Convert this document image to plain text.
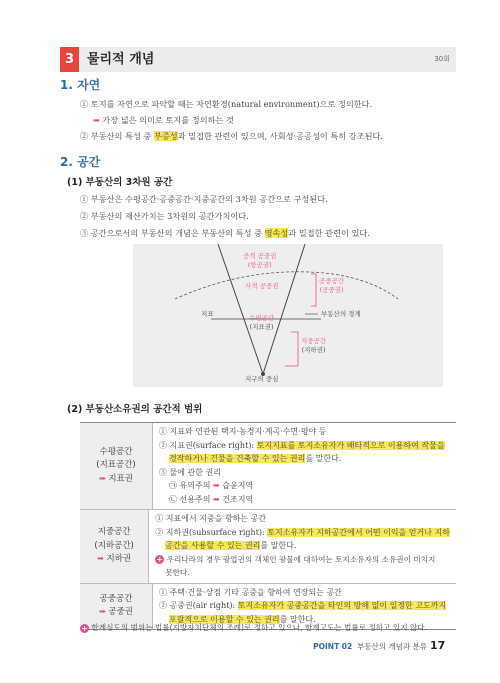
3 물리적 개념	30회
1. 자연
① 토지를 자연으로 파악할 때는 자연환경(natural environment)으로 정의한다.
➡ 가장 넓은 의미로 토지를 정의하는 것
② 부동산의 특성 중 부증성과 밀접한 관련이 있으며, 사회성·공공성이 특히 강조된다.
2. 공간
(1) 부동산의 3차원 공간
① 부동산은 수평공간·공중공간·지중공간의 3차원 공간으로 구성된다.
② 부동산의 재산가치는 3차원의 공간가치이다.
③ 공간으로서의 부동산의 개념은 부동산의 특성 중 영속성과 밀접한 관련이 있다.
공적 공중권
(항공권)
사적 공중권
공중공간
(공중권)
지표	수평공간
(지표권)
부동산의 경계
지중공간
(지하권)
지구의 중심
(2) 부동산소유권의 공간적 범위
수평공간
(지표공간)
➡ 지표권
① 지표와 연관된 택지·농경지·계곡·수면·평야 등
② 지표권(surface right): 토지지표를 토지소유자가 배타적으로 이용하여 작물을
경작하거나 건물을 건축할 수 있는 권리를 말한다.
③ 물에 관한 권리
㉠ 유역주의 ➡ 습윤지역
㉡ 선용주의 ➡ 건조지역
지중공간
(지하공간)
➡ 지하권
① 지표에서 지중을 향하는 공간
② 지하권(subsurface right): 토지소유자가 지하공간에서 어떤 이익을 얻거나 지하
공간을 사용할 수 있는 권리를 말한다.
+ 우리나라의 경우 광업권의 객체인 광물에 대하여는 토지소유자의 소유권이 미치지
못한다.
공중공간
➡ 공중권
① 주택·건물·상점 기타 공중을 향하여 연장되는 공간
② 공중권(air right): 토지소유자가 공중공간을 타인의 방해 없이 일정한 고도까지
포괄적으로 이용할 수 있는 권리를 말한다.
+ 한계심도의 범위는 법률(지방자치단체의 조례)로 정하고 있으나, 한계고도는 법률로 정하고 있지 않다.
POINT 02 부동산의 개념과 분류 17
